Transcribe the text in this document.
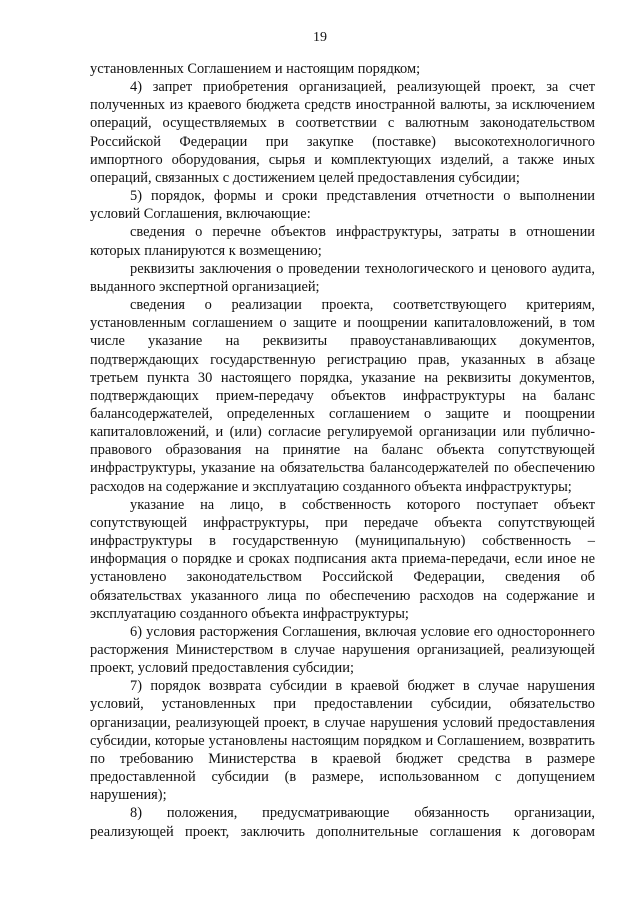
19

установленных Соглашением и настоящим порядком;

4) запрет приобретения организацией, реализующей проект, за счет полученных из краевого бюджета средств иностранной валюты, за исключением операций, осуществляемых в соответствии с валютным законодательством Российской Федерации при закупке (поставке) высокотехнологичного импортного оборудования, сырья и комплектующих изделий, а также иных операций, связанных с достижением целей предоставления субсидии;

5) порядок, формы и сроки представления отчетности о выполнении условий Соглашения, включающие:

сведения о перечне объектов инфраструктуры, затраты в отношении которых планируются к возмещению;

реквизиты заключения о проведении технологического и ценового аудита, выданного экспертной организацией;

сведения о реализации проекта, соответствующего критериям, установленным соглашением о защите и поощрении капиталовложений, в том числе указание на реквизиты правоустанавливающих документов, подтверждающих государственную регистрацию прав, указанных в абзаце третьем пункта 30 настоящего порядка, указание на реквизиты документов, подтверждающих прием-передачу объектов инфраструктуры на баланс балансодержателей, определенных соглашением о защите и поощрении капиталовложений, и (или) согласие регулируемой организации или публично-правового образования на принятие на баланс объекта сопутствующей инфраструктуры, указание на обязательства балансодержателей по обеспечению расходов на содержание и эксплуатацию созданного объекта инфраструктуры;

указание на лицо, в собственность которого поступает объект сопутствующей инфраструктуры, при передаче объекта сопутствующей инфраструктуры в государственную (муниципальную) собственность – информация о порядке и сроках подписания акта приема-передачи, если иное не установлено законодательством Российской Федерации, сведения об обязательствах указанного лица по обеспечению расходов на содержание и эксплуатацию созданного объекта инфраструктуры;

6) условия расторжения Соглашения, включая условие его одностороннего расторжения Министерством в случае нарушения организацией, реализующей проект, условий предоставления субсидии;

7) порядок возврата субсидии в краевой бюджет в случае нарушения условий, установленных при предоставлении субсидии, обязательство организации, реализующей проект, в случае нарушения условий предоставления субсидии, которые установлены настоящим порядком и Соглашением, возвратить по требованию Министерства в краевой бюджет средства в размере предоставленной субсидии (в размере, использованном с допущением нарушения);

8) положения, предусматривающие обязанность организации, реализующей проект, заключить дополнительные соглашения к договорам
